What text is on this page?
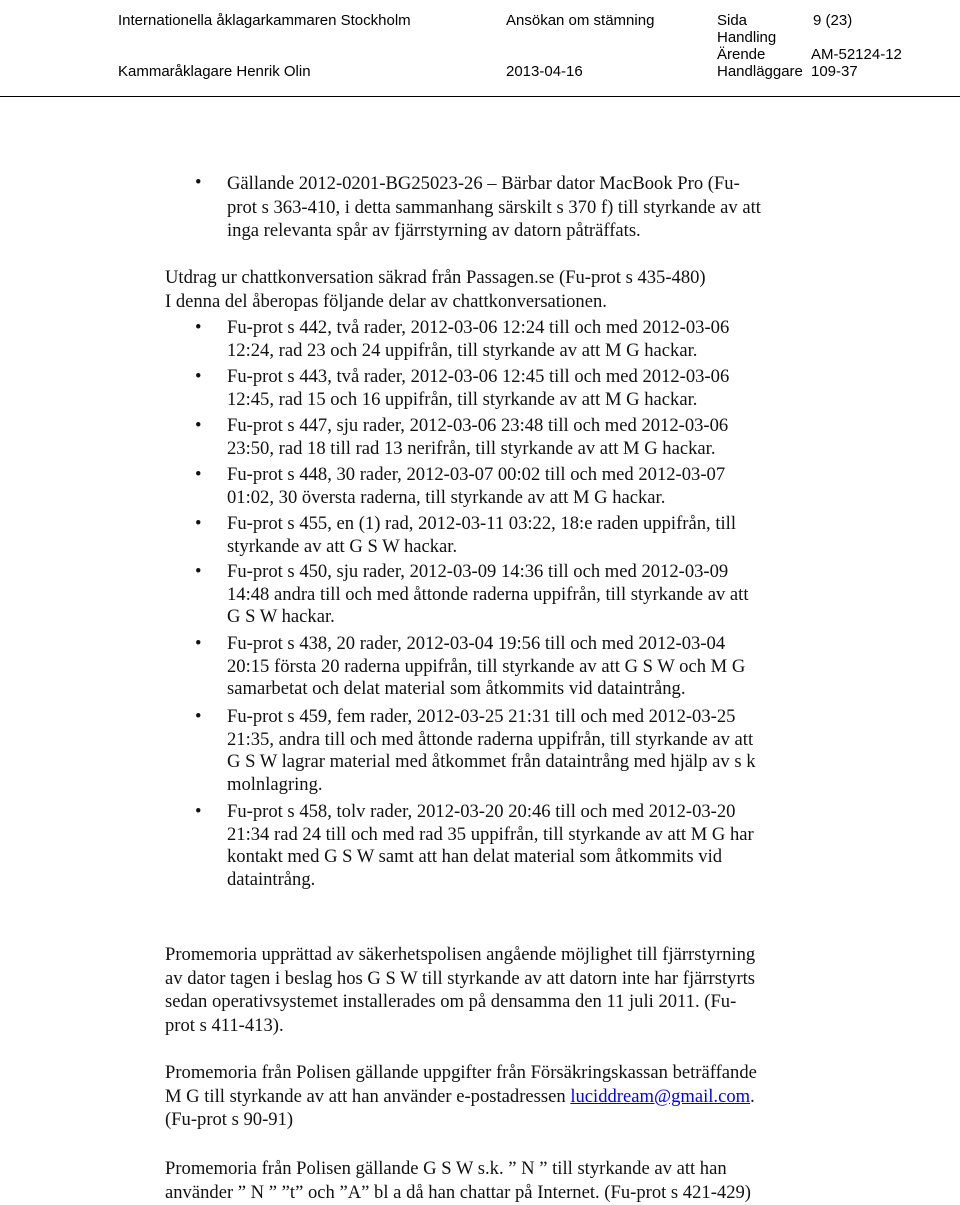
Internationella åklagarkammaren Stockholm	Ansökan om stämning	Sida	9 (23)
Handling
Ärende	AM-52124-12
Kammaråklagare Henrik Olin	2013-04-16	Handläggare 109-37
• Gällande 2012-0201-BG25023-26 – Bärbar dator MacBook Pro (Fu-
prot s 363-410, i detta sammanhang särskilt s 370 f) till styrkande av att
inga relevanta spår av fjärrstyrning av datorn påträffats.
Utdrag ur chattkonversation säkrad från Passagen.se (Fu-prot s 435-480)
I denna del åberopas följande delar av chattkonversationen.
• Fu-prot s 442, två rader, 2012-03-06 12:24 till och med 2012-03-06
12:24, rad 23 och 24 uppifrån, till styrkande av att M G hackar.
• Fu-prot s 443, två rader, 2012-03-06 12:45 till och med 2012-03-06
12:45, rad 15 och 16 uppifrån, till styrkande av att M G hackar.
• Fu-prot s 447, sju rader, 2012-03-06 23:48 till och med 2012-03-06
23:50, rad 18 till rad 13 nerifrån, till styrkande av att M G hackar.
• Fu-prot s 448, 30 rader, 2012-03-07 00:02 till och med 2012-03-07
01:02, 30 översta raderna, till styrkande av att M G hackar.
• Fu-prot s 455, en (1) rad, 2012-03-11 03:22, 18:e raden uppifrån, till
styrkande av att G S W hackar.
• Fu-prot s 450, sju rader, 2012-03-09 14:36 till och med 2012-03-09
14:48 andra till och med åttonde raderna uppifrån, till styrkande av att
G S W hackar.
• Fu-prot s 438, 20 rader, 2012-03-04 19:56 till och med 2012-03-04
20:15 första 20 raderna uppifrån, till styrkande av att G S W och M G
samarbetat och delat material som åtkommits vid dataintrång.
• Fu-prot s 459, fem rader, 2012-03-25 21:31 till och med 2012-03-25
21:35, andra till och med åttonde raderna uppifrån, till styrkande av att
G S W lagrar material med åtkommet från dataintrång med hjälp av s k
molnlagring.
• Fu-prot s 458, tolv rader, 2012-03-20 20:46 till och med 2012-03-20
21:34 rad 24 till och med rad 35 uppifrån, till styrkande av att M G har
kontakt med G S W samt att han delat material som åtkommits vid
dataintrång.
Promemoria upprättad av säkerhetspolisen angående möjlighet till fjärrstyrning
av dator tagen i beslag hos G S W till styrkande av att datorn inte har fjärrstyrts
sedan operativsystemet installerades om på densamma den 11 juli 2011. (Fu-
prot s 411-413).
Promemoria från Polisen gällande uppgifter från Försäkringskassan beträffande
M G till styrkande av att han använder e-postadressen luciddream@gmail.com.
(Fu-prot s 90-91)
Promemoria från Polisen gällande G S W s.k. ” N ” till styrkande av att han
använder ” N ” ”t” och ”A” bl a då han chattar på Internet. (Fu-prot s 421-429)
